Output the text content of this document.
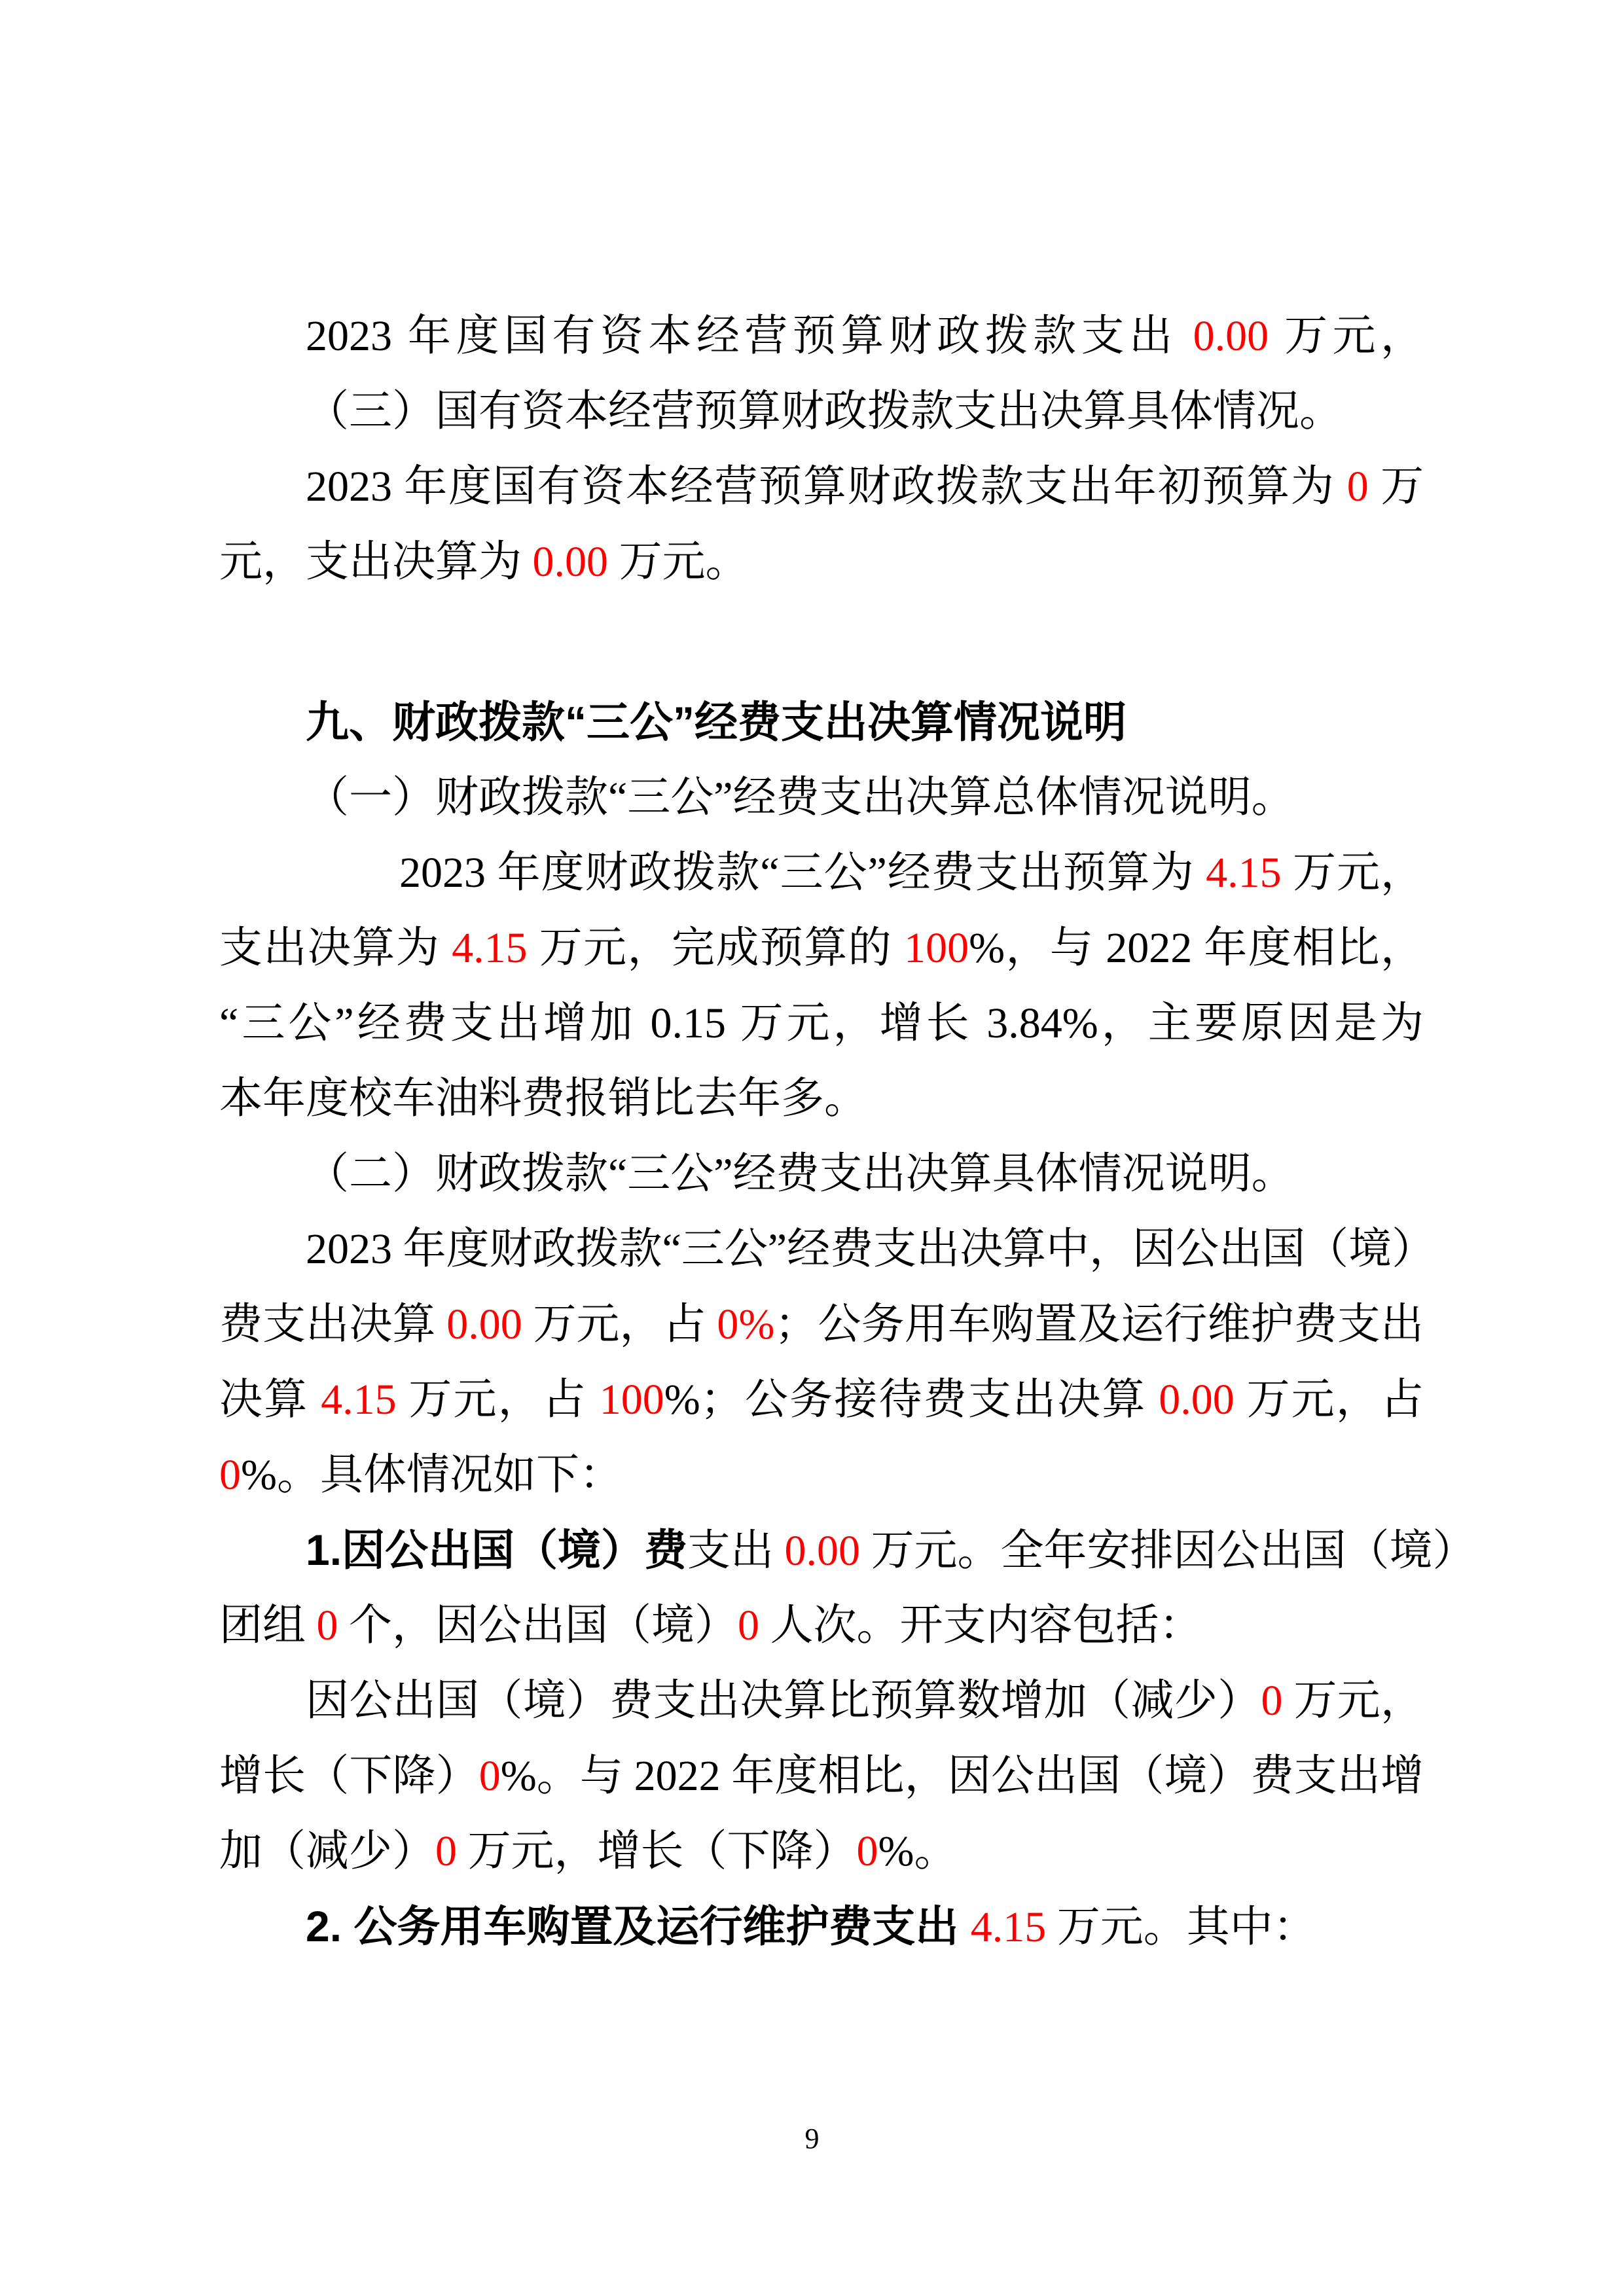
2023 年度国有资本经营预算财政拨款支出 0.00 万元，
（三）国有资本经营预算财政拨款支出决算具体情况。
2023 年度国有资本经营预算财政拨款支出年初预算为 0 万
元，支出决算为 0.00 万元。
九、财政拨款“三公”经费支出决算情况说明
（一）财政拨款“三公”经费支出决算总体情况说明。
2023 年度财政拨款“三公”经费支出预算为 4.15 万元，
支出决算为 4.15 万元，完成预算的 100%，与 2022 年度相比，
“三公”经费支出增加 0.15 万元，增长 3.84%，主要原因是为
本年度校车油料费报销比去年多。
（二）财政拨款“三公”经费支出决算具体情况说明。
2023 年度财政拨款“三公”经费支出决算中，因公出国（境）
费支出决算 0.00 万元，占 0%；公务用车购置及运行维护费支出
决算 4.15 万元，占 100%；公务接待费支出决算 0.00 万元，占
0%。具体情况如下：
1.因公出国（境）费支出 0.00 万元。全年安排因公出国（境）
团组 0 个，因公出国（境）0 人次。开支内容包括：
因公出国（境）费支出决算比预算数增加（减少）0 万元，
增长（下降）0%。与 2022 年度相比，因公出国（境）费支出增
加（减少）0 万元，增长（下降）0%。
2. 公务用车购置及运行维护费支出 4.15 万元。其中：
9
